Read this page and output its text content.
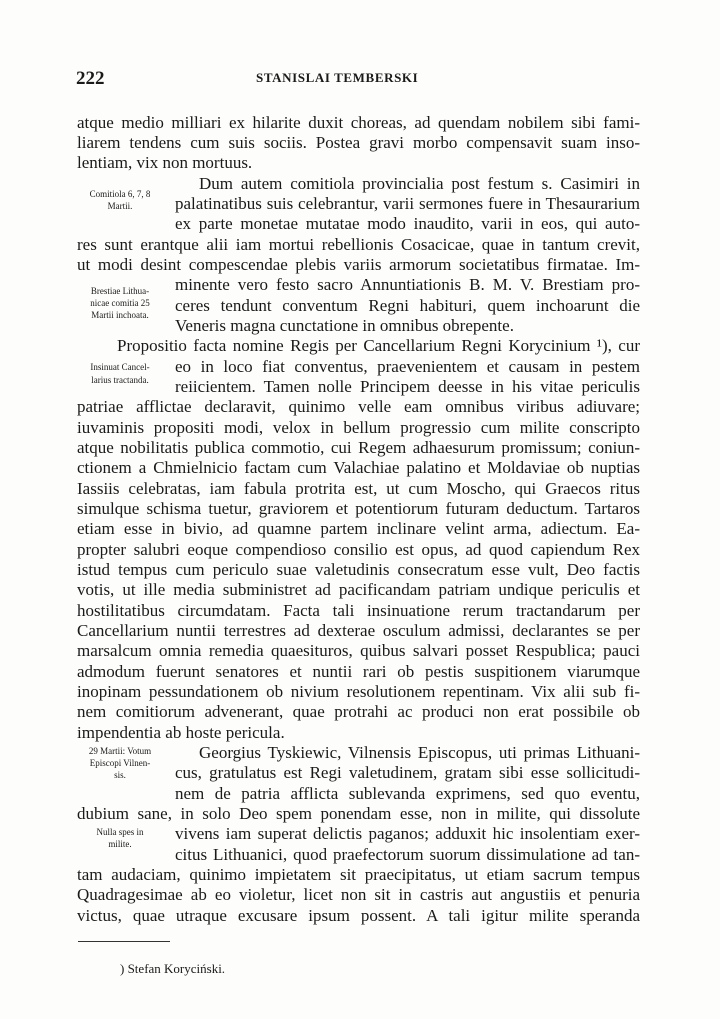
222	STANISLAI TEMBERSKI
atque medio milliari ex hilarite duxit choreas, ad quendam nobilem sibi fami-
liarem tendens cum suis sociis. Postea gravi morbo compensavit suam inso-
lentiam, vix non mortuus.
Dum autem comitiola provincialia post festum s. Casimiri in
palatinatibus suis celebrantur, varii sermones fuere in Thesaurarium
ex parte monetae mutatae modo inaudito, varii in eos, qui auto-
res sunt erantque alii iam mortui rebellionis Cosacicae, quae in tantum crevit,
ut modi desint compescendae plebis variis armorum societatibus firmatae. Im-
minente vero festo sacro Annuntiationis B. M. V. Brestiam pro-
ceres tendunt conventum Regni habituri, quem inchoarunt die
Veneris magna cunctatione in omnibus obrepente.
Propositio facta nomine Regis per Cancellarium Regni Korycinium ¹), cur
eo in loco fiat conventus, praevenientem et causam in pestem
reiicientem. Tamen nolle Principem deesse in his vitae periculis
patriae afflictae declaravit, quinimo velle eam omnibus viribus adiuvare;
iuvaminis propositi modi, velox in bellum progressio cum milite conscripto
atque nobilitatis publica commotio, cui Regem adhaesurum promissum; coniun-
ctionem a Chmielnicio factam cum Valachiae palatino et Moldaviae ob nuptias
Iassiis celebratas, iam fabula protrita est, ut cum Moscho, qui Graecos ritus
simulque schisma tuetur, graviorem et potentiorum futuram deductum. Tartaros
etiam esse in bivio, ad quamne partem inclinare velint arma, adiectum. Ea-
propter salubri eoque compendioso consilio est opus, ad quod capiendum Rex
istud tempus cum periculo suae valetudinis consecratum esse vult, Deo factis
votis, ut ille media subministret ad pacificandam patriam undique periculis et
hostilitatibus circumdatam. Facta tali insinuatione rerum tractandarum per
Cancellarium nuntii terrestres ad dexterae osculum admissi, declarantes se per
marsalcum omnia remedia quaesituros, quibus salvari posset Respublica; pauci
admodum fuerunt senatores et nuntii rari ob pestis suspitionem viarumque
inopinam pessundationem ob nivium resolutionem repentinam. Vix alii sub fi-
nem comitiorum advenerant, quae protrahi ac produci non erat possibile ob
impendentia ab hoste pericula.
Georgius Tyskiewic, Vilnensis Episcopus, uti primas Lithuani-
cus, gratulatus est Regi valetudinem, gratam sibi esse sollicitudi-
nem de patria afflicta sublevanda exprimens, sed quo eventu,
dubium sane, in solo Deo spem ponendam esse, non in milite, qui dissolute
vivens iam superat delictis paganos; adduxit hic insolentiam exer-
citus Lithuanici, quod praefectorum suorum dissimulatione ad tan-
tam audaciam, quinimo impietatem sit praecipitatus, ut etiam sacrum tempus
Quadragesimae ab eo violetur, licet non sit in castris aut angustiis et penuria
victus, quae utraque excusare ipsum possent. A tali igitur milite speranda
Comitiola 6, 7, 8
Martii.
Brestiae Lithua-
nicae comitia 25
Martii inchoata.
Insinuat Cancel-
larius tractanda.
29 Martii: Votum
Episcopi Vilnen-
sis.
Nulla spes in
milite.
) Stefan Koryciński.
